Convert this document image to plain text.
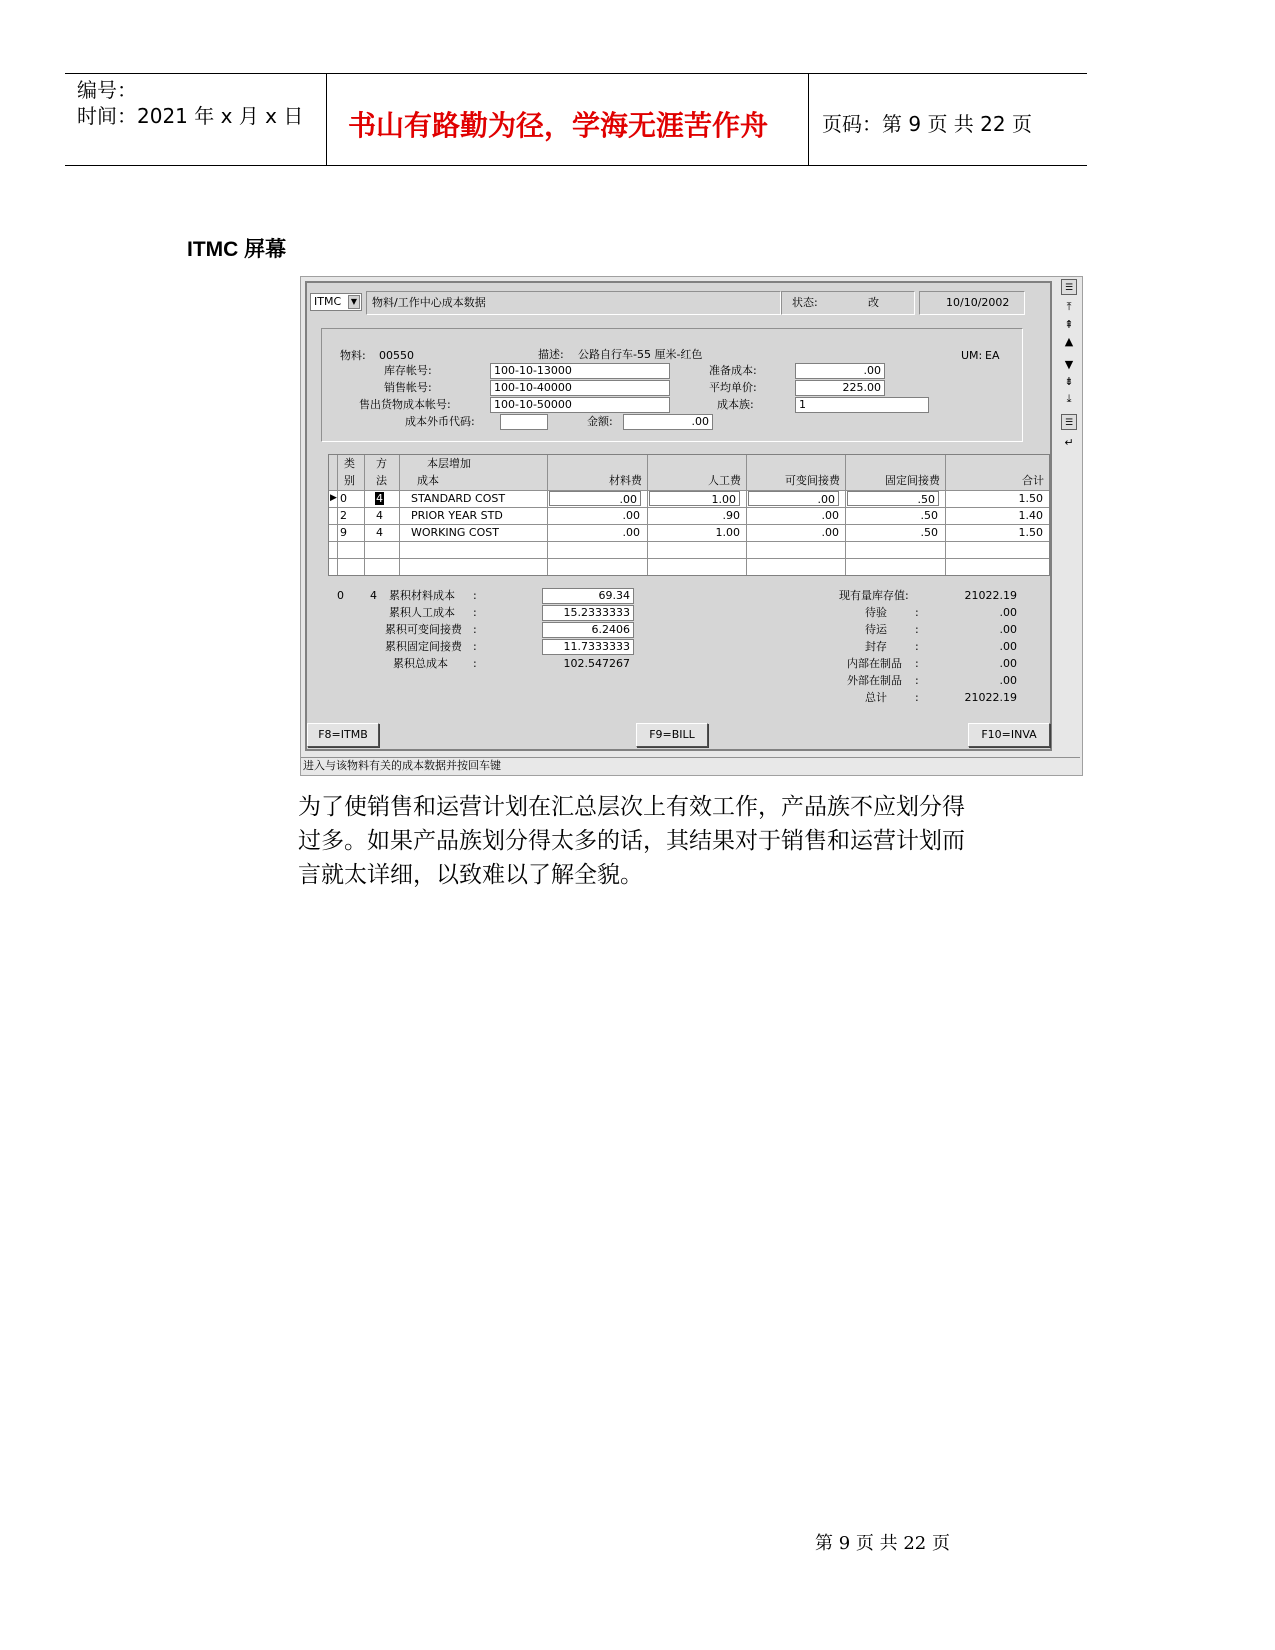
编号：
时间：2021 年 x 月 x 日 书山有路勤为径，学海无涯苦作舟	页码：第 9 页 共 22 页
ITMC 屏幕
ITMC	▼ 物料/工作中心成本数据	状态:	改	10/10/2002
物料: 00550	描述: 公路自行车-55 厘米-红色	UM: EA
库存帐号:	100-10-13000
销售帐号:	100-10-40000
售出货物成本帐号:	100-10-50000
准备成本:	.00
平均单价:	225.00
成本族:	1
成本外币代码:	金额:	.00
类
别
方
法
本层增加
成本	材料费	人工费	可变间接费	固定间接费	合计
▶ 0	4	STANDARD COST	.00	1.00	.00	.50	1.50
2	4	PRIOR YEAR STD	.00	.90	.00	.50	1.40
9	4	WORKING COST	.00	1.00	.00	.50	1.50
0 4 累积材料成本 :	69.34
累积人工成本 :	15.2333333
累积可变间接费 :	6.2406
累积固定间接费 :	11.7333333
累积总成本 :	102.547267
现有量库存值:	21022.19
待验	:	.00
待运	:	.00
封存	:	.00
内部在制品 :	.00
外部在制品 :	.00
总计	:	21022.19
F8=ITMB	F9=BILL	F10=INVA
☰
⤒
⇞
▲
▼
⇟
⤓
☰
↵
进入与该物料有关的成本数据并按回车键
为了使销售和运营计划在汇总层次上有效工作，产品族不应划分得过多。如果产品族划分得太多的话，其结果对于销售和运营计划而言就太详细，以致难以了解全貌。
第 9 页 共 22 页
